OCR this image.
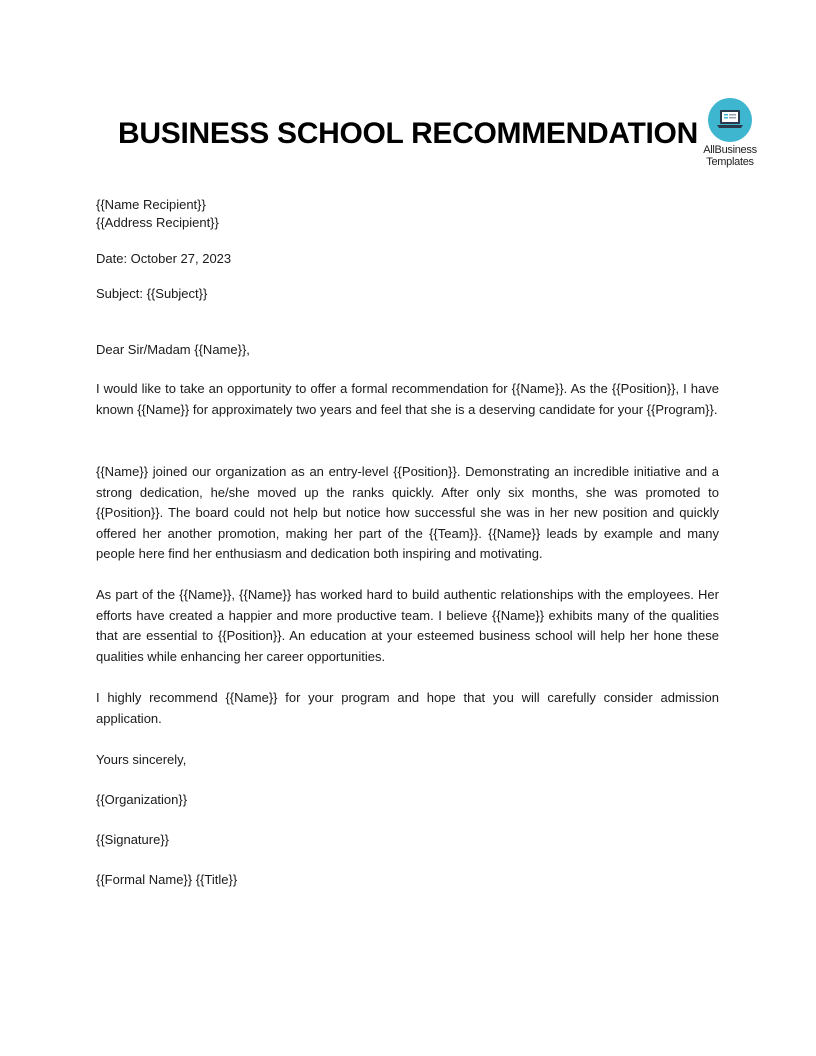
BUSINESS SCHOOL RECOMMENDATION AllBusiness
Templates
{{Name Recipient}}
{{Address Recipient}}
Date: October 27, 2023
Subject: {{Subject}}
Dear Sir/Madam {{Name}},

I would like to take an opportunity to offer a formal recommendation for {{Name}}. As the {{Position}}, I have known {{Name}} for approximately two years and feel that she is a deserving candidate for your {{Program}}.

{{Name}} joined our organization as an entry-level {{Position}}. Demonstrating an incredible initiative and a strong dedication, he/she moved up the ranks quickly. After only six months, she was promoted to {{Position}}. The board could not help but notice how successful she was in her new position and quickly offered her another promotion, making her part of the {{Team}}. {{Name}} leads by example and many people here find her enthusiasm and dedication both inspiring and motivating.

As part of the {{Name}}, {{Name}} has worked hard to build authentic relationships with the employees. Her efforts have created a happier and more productive team. I believe {{Name}} exhibits many of the qualities that are essential to {{Position}}. An education at your esteemed business school will help her hone these qualities while enhancing her career opportunities.

I highly recommend {{Name}} for your program and hope that you will carefully consider admission application.

Yours sincerely,
{{Organization}}
{{Signature}}
{{Formal Name}} {{Title}}
